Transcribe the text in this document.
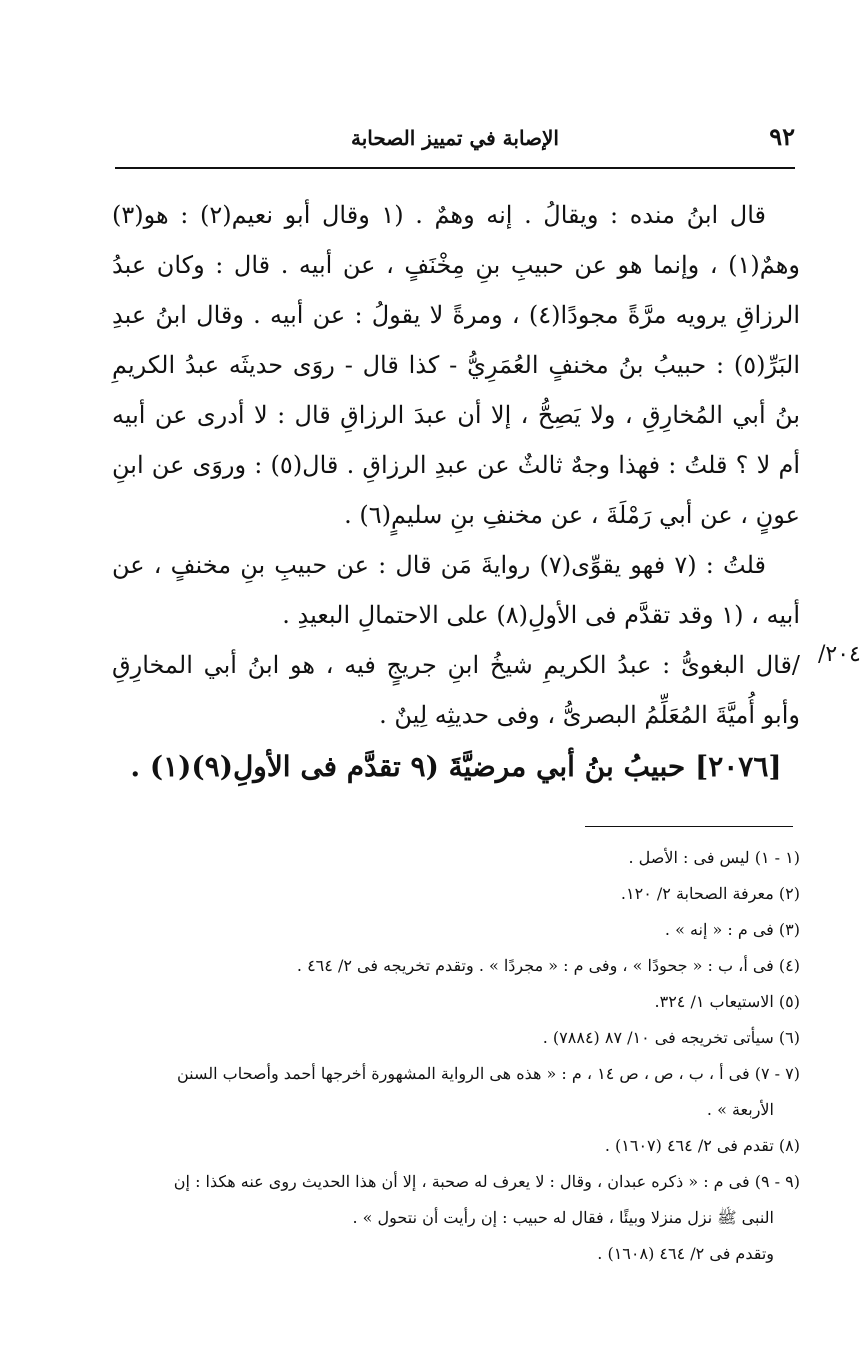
٩٢
الإصابة في تمييز الصحابة

قال ابنُ منده : ويقالُ . إنه وهمٌ . (١ وقال أبو نعيم(٢) : هو(٣) وهمٌ(١) ، وإنما هو عن حبيبِ بنِ مِخْنَفٍ ، عن أبيه . قال : وكان عبدُ الرزاقِ يرويه مرَّةً مجودًا(٤) ، ومرةً لا يقولُ : عن أبيه . وقال ابنُ عبدِ البَرِّ(٥) : حبيبُ بنُ مخنفٍ العُمَرِيُّ - كذا قال - روَى حديثَه عبدُ الكريمِ بنُ أبي المُخارِقِ ، ولا يَصِحُّ ، إلا أن عبدَ الرزاقِ قال : لا أدرى عن أبيه أم لا ؟ قلتُ : فهذا وجهٌ ثالثٌ عن عبدِ الرزاقِ . قال(٥) : وروَى عن ابنِ عونٍ ، عن أبي رَمْلَةَ ، عن مخنفِ بنِ سليمٍ(٦) .

قلتُ : (٧ فهو يقوِّى(٧) روايةَ مَن قال : عن حبيبِ بنِ مخنفٍ ، عن أبيه ، (١ وقد تقدَّم فى الأولِ(٨) على الاحتمالِ البعيدِ .

/قال البغوىُّ : عبدُ الكريمِ شيخُ ابنِ جريجٍ فيه ، هو ابنُ أبي المخارِقِ وأبو أُميَّةَ المُعَلِّمُ البصرىُّ ، وفى حديثِه لِينٌ .

[٢٠٧٦] حبيبُ بنُ أبي مرضيَّةَ (٩ تقدَّم فى الأولِ(٩)(١) .

٢٠٤/

(١ - ١) ليس فى : الأصل .

(٢) معرفة الصحابة ٢/ ١٢٠.

(٣) فى م : « إنه » .

(٤) فى أ، ب : « جحودًا » ، وفى م : « مجردًا » . وتقدم تخريجه فى ٢/ ٤٦٤ .

(٥) الاستيعاب ١/ ٣٢٤.

(٦) سيأتى تخريجه فى ١٠/ ٨٧ (٧٨٨٤) .

(٧ - ٧) فى أ ، ب ، ص ، ص ١٤ ، م : « هذه هى الرواية المشهورة أخرجها أحمد وأصحاب السنن

الأربعة » .

(٨) تقدم فى ٢/ ٤٦٤ (١٦٠٧) .

(٩ - ٩) فى م : « ذكره عبدان ، وقال : لا يعرف له صحبة ، إلا أن هذا الحديث روى عنه هكذا : إن

النبى ﷺ نزل منزلا وبيئًا ، فقال له حبيب : إن رأيت أن نتحول » .

وتقدم فى ٢/ ٤٦٤ (١٦٠٨) .
